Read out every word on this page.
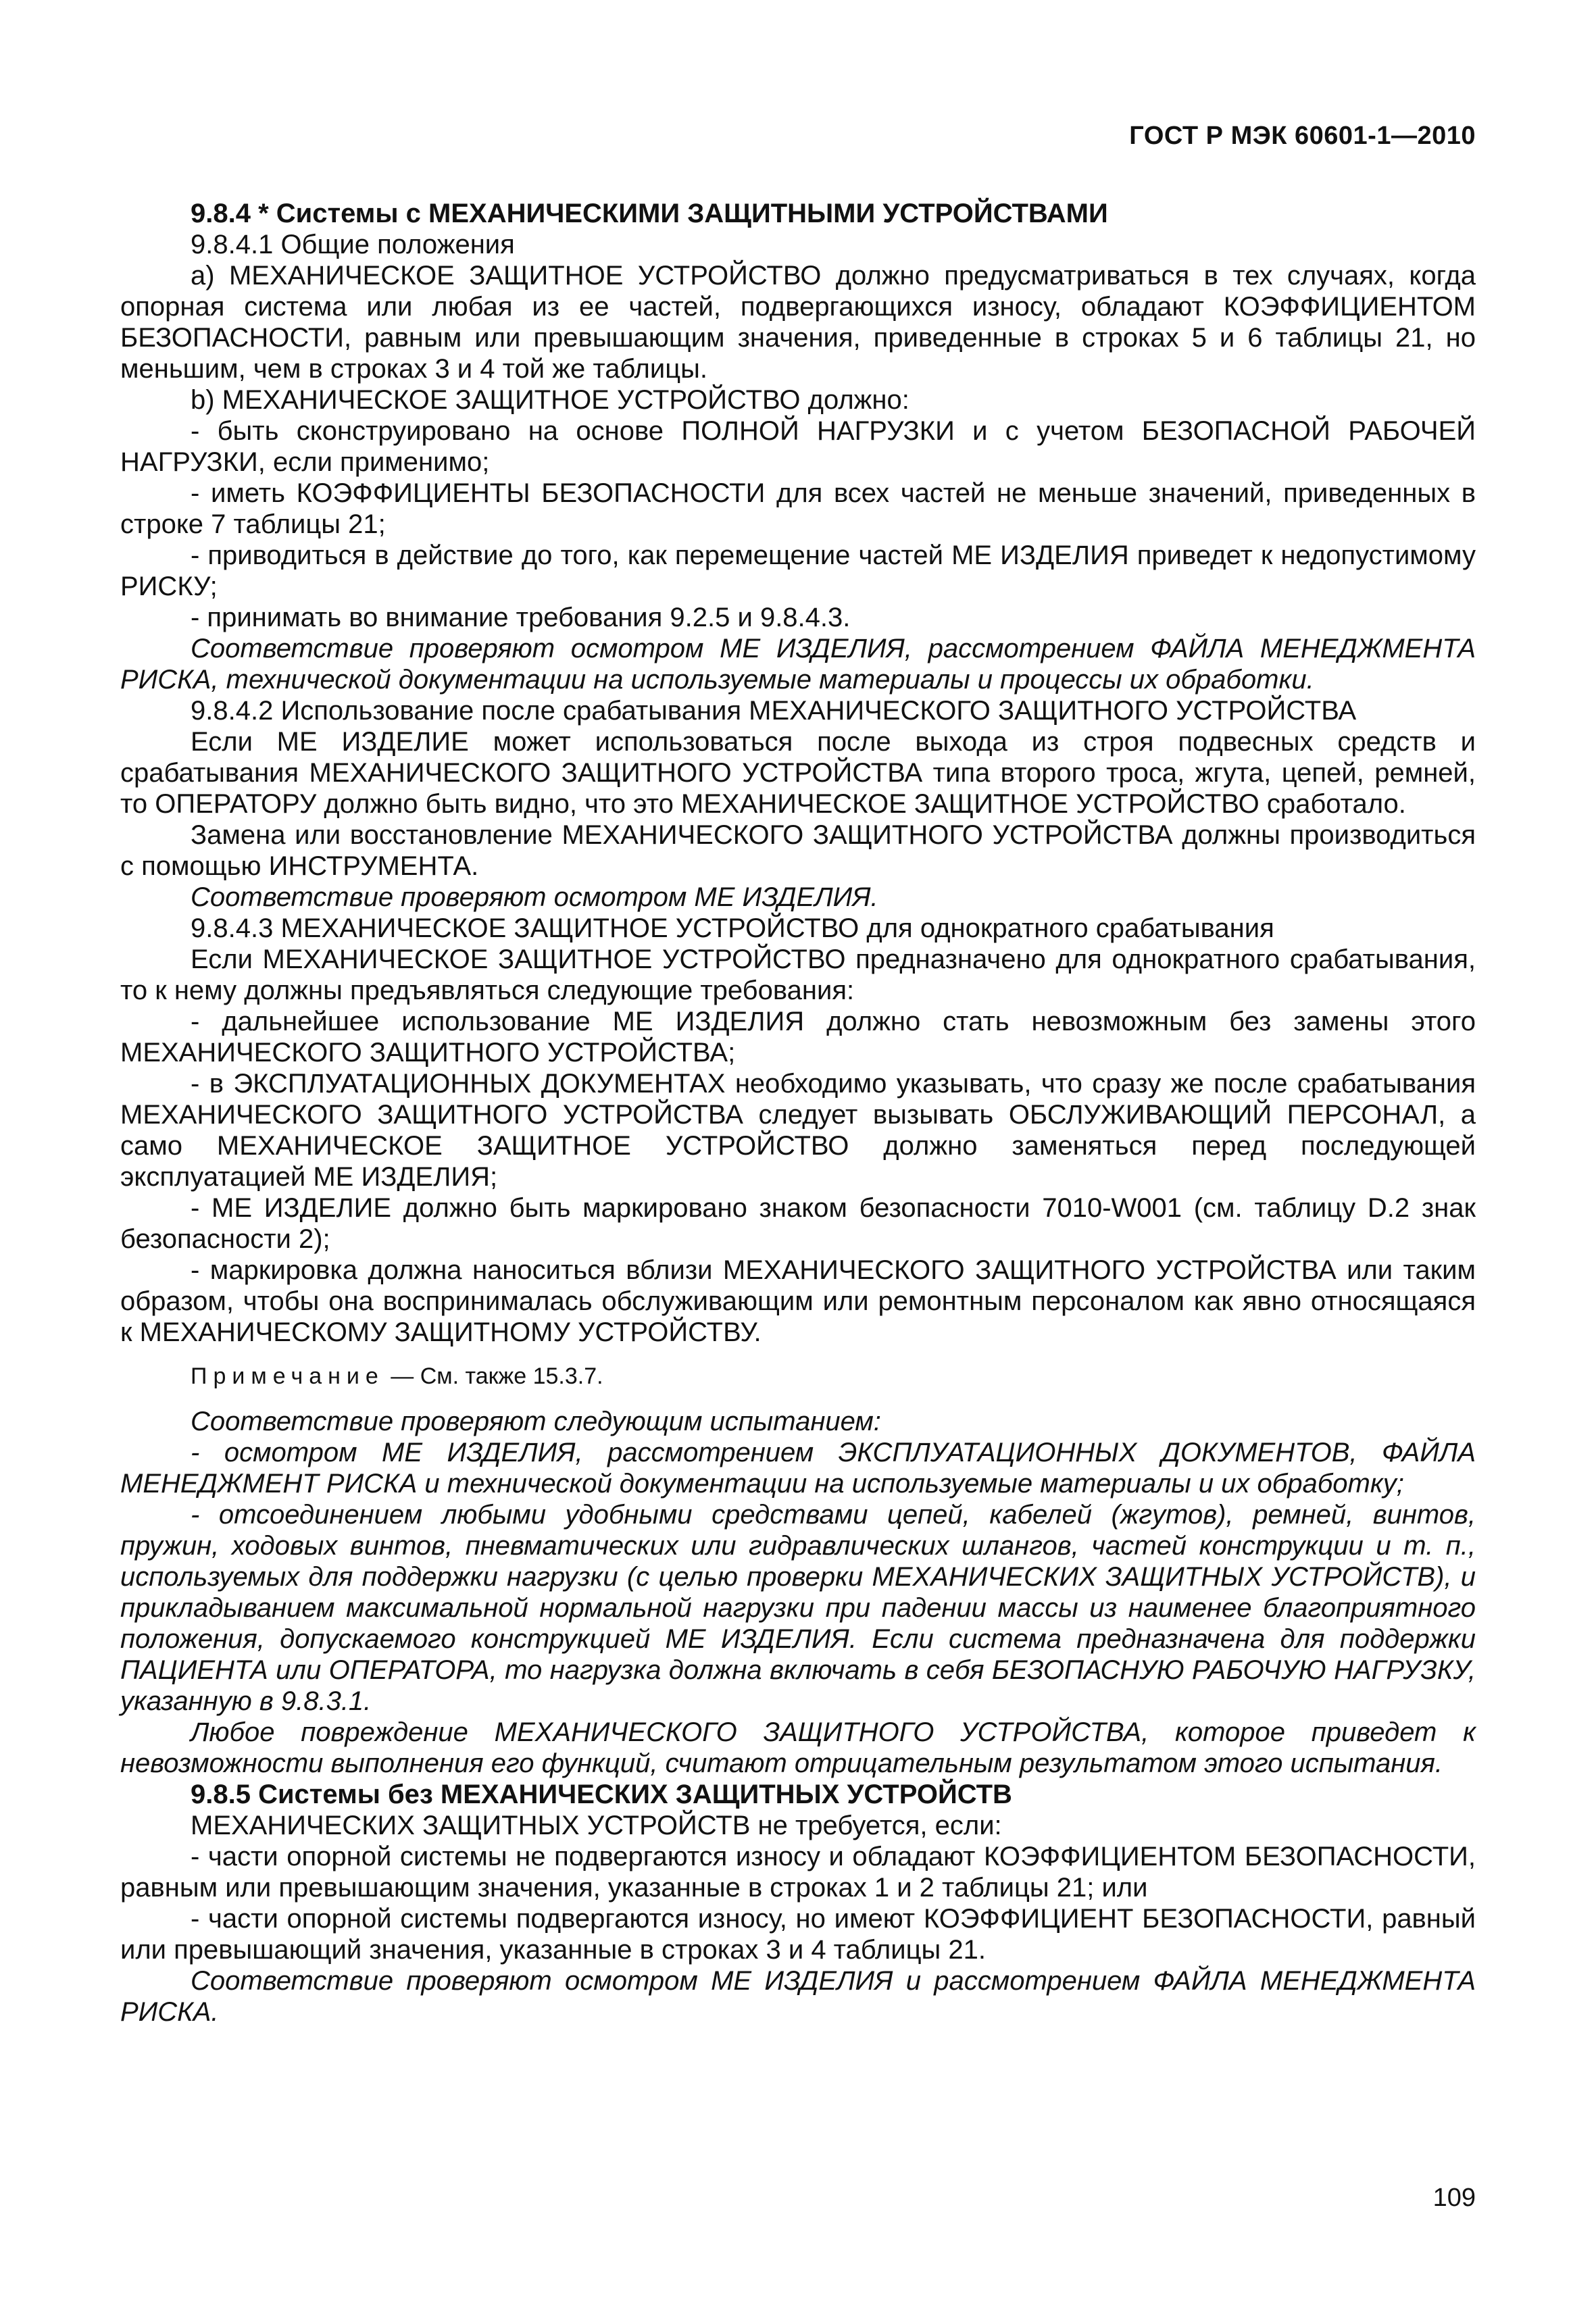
ГОСТ Р МЭК 60601-1—2010

9.8.4 * Системы с МЕХАНИЧЕСКИМИ ЗАЩИТНЫМИ УСТРОЙСТВАМИ

9.8.4.1 Общие положения

a) МЕХАНИЧЕСКОЕ ЗАЩИТНОЕ УСТРОЙСТВО должно предусматриваться в тех случаях, когда опорная система или любая из ее частей, подвергающихся износу, обладают КОЭФФИЦИЕНТОМ БЕЗОПАСНОСТИ, равным или превышающим значения, приведенные в строках 5 и 6 таблицы 21, но меньшим, чем в строках 3 и 4 той же таблицы.

b) МЕХАНИЧЕСКОЕ ЗАЩИТНОЕ УСТРОЙСТВО должно:

- быть сконструировано на основе ПОЛНОЙ НАГРУЗКИ и с учетом БЕЗОПАСНОЙ РАБОЧЕЙ НАГРУЗКИ, если применимо;

- иметь КОЭФФИЦИЕНТЫ БЕЗОПАСНОСТИ для всех частей не меньше значений, приведенных в строке 7 таблицы 21;

- приводиться в действие до того, как перемещение частей МЕ ИЗДЕЛИЯ приведет к недопустимому РИСКУ;

- принимать во внимание требования 9.2.5 и 9.8.4.3.

Соответствие проверяют осмотром МЕ ИЗДЕЛИЯ, рассмотрением ФАЙЛА МЕНЕДЖМЕНТА РИСКА, технической документации на используемые материалы и процессы их обработки.

9.8.4.2 Использование после срабатывания МЕХАНИЧЕСКОГО ЗАЩИТНОГО УСТРОЙСТВА

Если МЕ ИЗДЕЛИЕ может использоваться после выхода из строя подвесных средств и срабатывания МЕХАНИЧЕСКОГО ЗАЩИТНОГО УСТРОЙСТВА типа второго троса, жгута, цепей, ремней, то ОПЕРАТОРУ должно быть видно, что это МЕХАНИЧЕСКОЕ ЗАЩИТНОЕ УСТРОЙСТВО сработало.

Замена или восстановление МЕХАНИЧЕСКОГО ЗАЩИТНОГО УСТРОЙСТВА должны производиться с помощью ИНСТРУМЕНТА.

Соответствие проверяют осмотром МЕ ИЗДЕЛИЯ.

9.8.4.3 МЕХАНИЧЕСКОЕ ЗАЩИТНОЕ УСТРОЙСТВО для однократного срабатывания

Если МЕХАНИЧЕСКОЕ ЗАЩИТНОЕ УСТРОЙСТВО предназначено для однократного срабатывания, то к нему должны предъявляться следующие требования:

- дальнейшее использование МЕ ИЗДЕЛИЯ должно стать невозможным без замены этого МЕХАНИЧЕСКОГО ЗАЩИТНОГО УСТРОЙСТВА;

- в ЭКСПЛУАТАЦИОННЫХ ДОКУМЕНТАХ необходимо указывать, что сразу же после срабатывания МЕХАНИЧЕСКОГО ЗАЩИТНОГО УСТРОЙСТВА следует вызывать ОБСЛУЖИВАЮЩИЙ ПЕРСОНАЛ, а само МЕХАНИЧЕСКОЕ ЗАЩИТНОЕ УСТРОЙСТВО должно заменяться перед последующей эксплуатацией МЕ ИЗДЕЛИЯ;

- МЕ ИЗДЕЛИЕ должно быть маркировано знаком безопасности 7010-W001 (см. таблицу D.2 знак безопасности 2);

- маркировка должна наноситься вблизи МЕХАНИЧЕСКОГО ЗАЩИТНОГО УСТРОЙСТВА или таким образом, чтобы она воспринималась обслуживающим или ремонтным персоналом как явно относящаяся к МЕХАНИЧЕСКОМУ ЗАЩИТНОМУ УСТРОЙСТВУ.

Примечание — См. также 15.3.7.

Соответствие проверяют следующим испытанием:

- осмотром МЕ ИЗДЕЛИЯ, рассмотрением ЭКСПЛУАТАЦИОННЫХ ДОКУМЕНТОВ, ФАЙЛА МЕНЕДЖМЕНТ РИСКА и технической документации на используемые материалы и их обработку;

- отсоединением любыми удобными средствами цепей, кабелей (жгутов), ремней, винтов, пружин, ходовых винтов, пневматических или гидравлических шлангов, частей конструкции и т. п., используемых для поддержки нагрузки (с целью проверки МЕХАНИЧЕСКИХ ЗАЩИТНЫХ УСТРОЙСТВ), и прикладыванием максимальной нормальной нагрузки при падении массы из наименее благоприятного положения, допускаемого конструкцией МЕ ИЗДЕЛИЯ. Если система предназначена для поддержки ПАЦИЕНТА или ОПЕРАТОРА, то нагрузка должна включать в себя БЕЗОПАСНУЮ РАБОЧУЮ НАГРУЗКУ, указанную в 9.8.3.1.

Любое повреждение МЕХАНИЧЕСКОГО ЗАЩИТНОГО УСТРОЙСТВА, которое приведет к невозможности выполнения его функций, считают отрицательным результатом этого испытания.

9.8.5 Системы без МЕХАНИЧЕСКИХ ЗАЩИТНЫХ УСТРОЙСТВ

МЕХАНИЧЕСКИХ ЗАЩИТНЫХ УСТРОЙСТВ не требуется, если:

- части опорной системы не подвергаются износу и обладают КОЭФФИЦИЕНТОМ БЕЗОПАСНОСТИ, равным или превышающим значения, указанные в строках 1 и 2 таблицы 21; или

- части опорной системы подвергаются износу, но имеют КОЭФФИЦИЕНТ БЕЗОПАСНОСТИ, равный или превышающий значения, указанные в строках 3 и 4 таблицы 21.

Соответствие проверяют осмотром МЕ ИЗДЕЛИЯ и рассмотрением ФАЙЛА МЕНЕДЖМЕНТА РИСКА.

109
